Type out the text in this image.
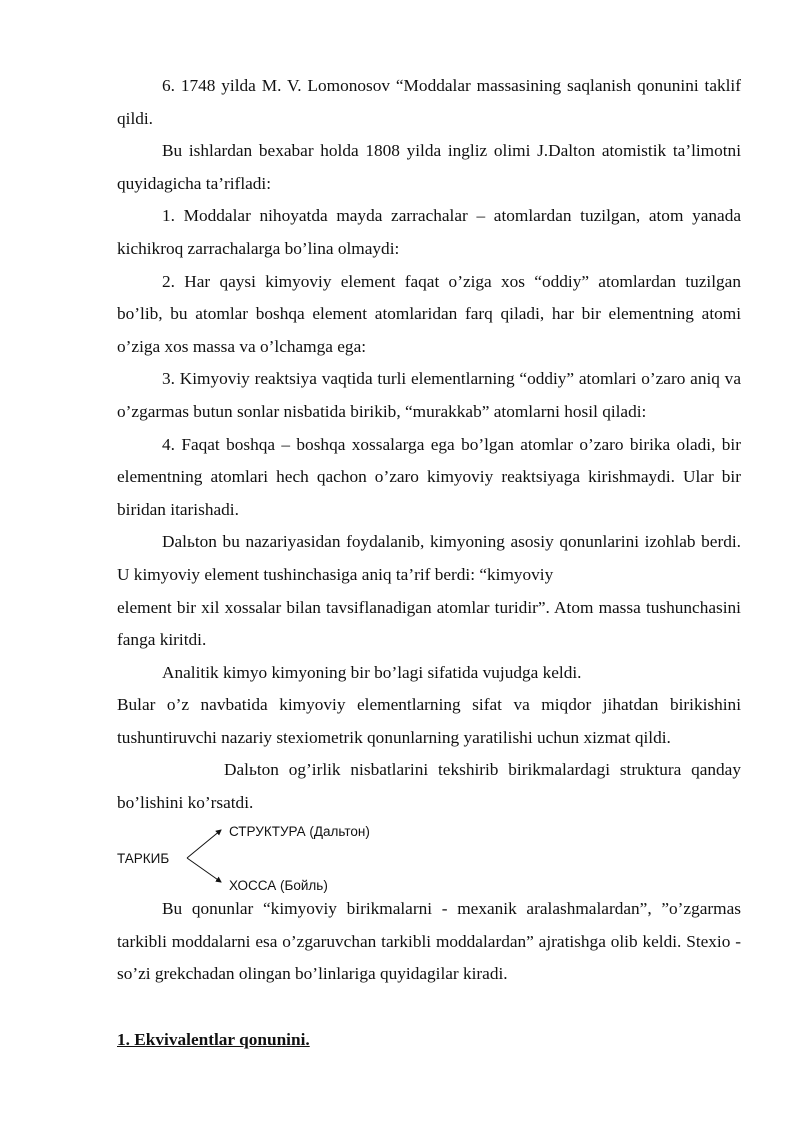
6. 1748 yilda M. V. Lomonosov “Moddalar massasining saqlanish qonunini taklif qildi.

Bu ishlardan bexabar holda 1808 yilda ingliz olimi J.Dalton atomistik ta’limotni quyidagicha ta’rifladi:

1. Moddalar nihoyatda mayda zarrachalar – atomlardan tuzilgan, atom yanada kichikroq zarrachalarga bo’lina olmaydi:

2. Har qaysi kimyoviy element faqat o’ziga xos “oddiy” atomlardan tuzilgan bo’lib, bu atomlar boshqa element atomlaridan farq qiladi, har bir elementning atomi o’ziga xos massa va o’lchamga ega:

3. Kimyoviy reaktsiya vaqtida turli elementlarning “oddiy” atomlari o’zaro aniq va o’zgarmas butun sonlar nisbatida birikib, “murakkab” atomlarni hosil qiladi:

4. Faqat boshqa – boshqa xossalarga ega bo’lgan atomlar o’zaro birika oladi, bir elementning atomlari hech qachon o’zaro kimyoviy reaktsiyaga kirishmaydi. Ular bir biridan itarishadi.

Dalьton bu nazariyasidan foydalanib, kimyoning asosiy qonunlarini izohlab berdi. U kimyoviy element tushinchasiga aniq ta’rif berdi: “kimyoviy

element bir xil xossalar bilan tavsiflanadigan atomlar turidir”. Atom massa tushunchasini fanga kiritdi.

Analitik kimyo kimyoning bir bo’lagi sifatida vujudga keldi.

Bular o’z navbatida kimyoviy elementlarning sifat va miqdor jihatdan birikishini tushuntiruvchi nazariy stexiometrik qonunlarning yaratilishi uchun xizmat qildi.

Dalьton og’irlik nisbatlarini tekshirib birikmalardagi struktura qanday bo’lishini ko’rsatdi.

ТАРКИБ
СТРУКТУРА (Дальтон)
ХОССА (Бойль)

Bu qonunlar “kimyoviy birikmalarni - mexanik aralashmalardan”, ”o’zgarmas tarkibli moddalarni esa o’zgaruvchan tarkibli moddalardan” ajratishga olib keldi. Stexio - so’zi grekchadan olingan bo’linlariga quyidagilar kiradi.

1. Ekvivalentlar qonunini.
